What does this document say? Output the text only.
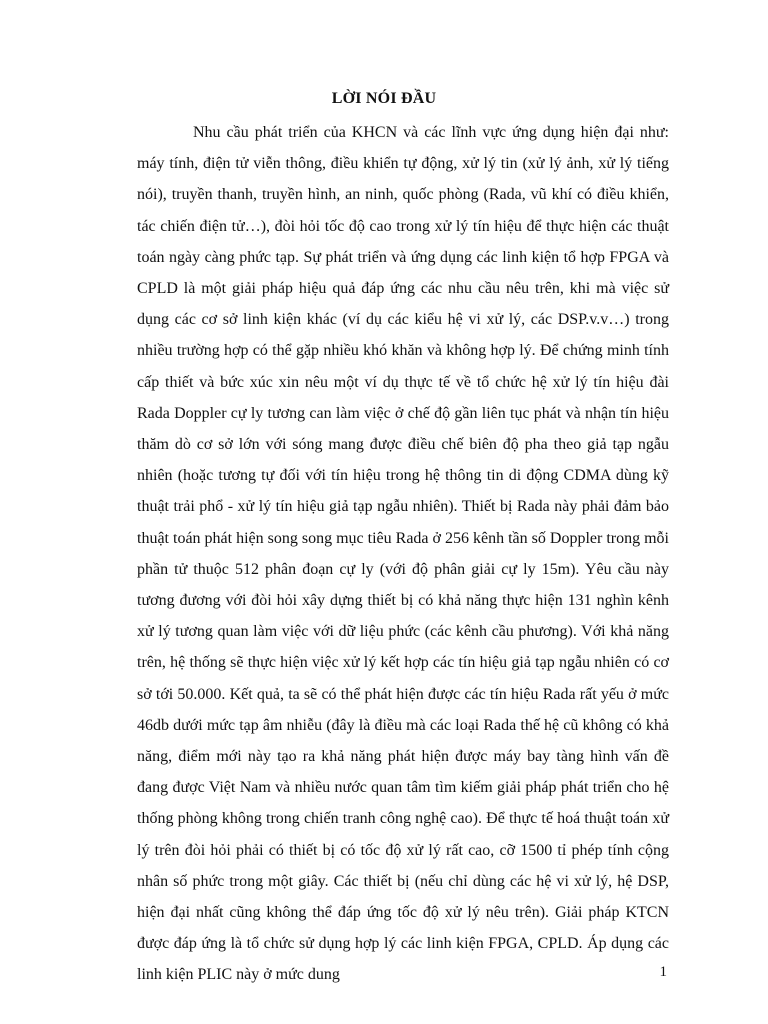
LỜI NÓI ĐẦU

Nhu cầu phát triển của KHCN và các lĩnh vực ứng dụng hiện đại như: máy tính, điện tử viễn thông, điều khiển tự động, xử lý tin (xử lý ảnh, xử lý tiếng nói), truyền thanh, truyền hình, an ninh, quốc phòng (Rada, vũ khí có điều khiển, tác chiến điện tử…), đòi hỏi tốc độ cao trong xử lý tín hiệu để thực hiện các thuật toán ngày càng phức tạp. Sự phát triển và ứng dụng các linh kiện tổ hợp FPGA và CPLD là một giải pháp hiệu quả đáp ứng các nhu cầu nêu trên, khi mà việc sử dụng các cơ sở linh kiện khác (ví dụ các kiểu hệ vi xử lý, các DSP.v.v…) trong nhiều trường hợp có thể gặp nhiều khó khăn và không hợp lý. Để chứng minh tính cấp thiết và bức xúc xin nêu một ví dụ thực tế về tổ chức hệ xử lý tín hiệu đài Rada Doppler cự ly tương can làm việc ở chế độ gần liên tục phát và nhận tín hiệu thăm dò cơ sở lớn với sóng mang được điều chế biên độ pha theo giả tạp ngẫu nhiên (hoặc tương tự đối với tín hiệu trong hệ thông tin di động CDMA dùng kỹ thuật trải phổ - xử lý tín hiệu giả tạp ngẫu nhiên). Thiết bị Rada này phải đảm bảo thuật toán phát hiện song song mục tiêu Rada ở 256 kênh tần số Doppler trong mỗi phần tử thuộc 512 phân đoạn cự ly (với độ phân giải cự ly 15m). Yêu cầu này tương đương với đòi hỏi xây dựng thiết bị có khả năng thực hiện 131 nghìn kênh xử lý tương quan làm việc với dữ liệu phức (các kênh cầu phương). Với khả năng trên, hệ thống sẽ thực hiện việc xử lý kết hợp các tín hiệu giả tạp ngẫu nhiên có cơ sở tới 50.000. Kết quả, ta sẽ có thể phát hiện được các tín hiệu Rada rất yếu ở mức 46db dưới mức tạp âm nhiễu (đây là điều mà các loại Rada thế hệ cũ không có khả năng, điểm mới này tạo ra khả năng phát hiện được máy bay tàng hình vấn đề đang được Việt Nam và nhiều nước quan tâm tìm kiếm giải pháp phát triển cho hệ thống phòng không trong chiến tranh công nghệ cao). Để thực tế hoá thuật toán xử lý trên đòi hỏi phải có thiết bị có tốc độ xử lý rất cao, cỡ 1500 tỉ phép tính cộng nhân số phức trong một giây. Các thiết bị (nếu chỉ dùng các hệ vi xử lý, hệ DSP, hiện đại nhất cũng không thể đáp ứng tốc độ xử lý nêu trên). Giải pháp KTCN được đáp ứng là tổ chức sử dụng hợp lý các linh kiện FPGA, CPLD. Áp dụng các linh kiện PLIC này ở mức dung	1
